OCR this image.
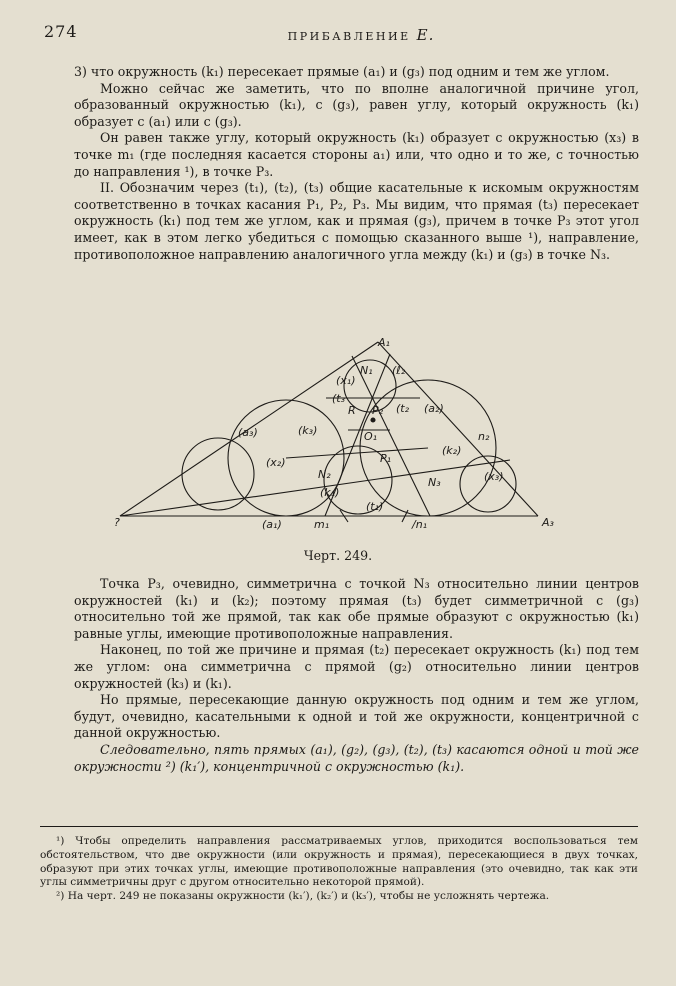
274	ПРИБАВЛЕНИЕ E.

3) что окружность (k₁) пересекает прямые (a₁) и (g₃) под одним и тем же углом.

Можно сейчас же заметить, что по вполне аналогичной причине угол, образованный окружностью (k₁), с (g₃), равен углу, который окружность (k₁) образует с (a₁) или с (g₃).

Он равен также углу, который окружность (k₁) образует с окружностью (x₃) в точке m₁ (где последняя касается стороны a₁) или, что одно и то же, с точностью до направления ¹), в точке P₃.

II. Обозначим через (t₁), (t₂), (t₃) общие касательные к искомым окружностям соответственно в точках касания P₁, P₂, P₃. Мы видим, что прямая (t₃) пересекает окружность (k₁) под тем же углом, как и прямая (g₃), причем в точке P₃ этот угол имеет, как в этом легко убедиться с помощью сказанного выше ¹), направление, противоположное направлению аналогичного угла между (k₁) и (g₃) в точке N₃.

A₁
A₃
?
(ℓ₂
(x₁)
N₁
(t₃
R P₂ (t₂ (a₂)
(a₃)	(k₃)	O₁	n₂
(k₂)
(x₂)	P₁
N₂
(k₁)
N₃	(x₃)
(t₁)
(a₁)	m₁	/n₁
Черт. 249.

Точка P₃, очевидно, симметрична с точкой N₃ относительно линии центров окружностей (k₁) и (k₂); поэтому прямая (t₃) будет симметричной с (g₃) относительно той же прямой, так как обе прямые образуют с окружностью (k₁) равные углы, имеющие противоположные направления.

Наконец, по той же причине и прямая (t₂) пересекает окружность (k₁) под тем же углом: она симметрична с прямой (g₂) относительно линии центров окружностей (k₃) и (k₁).

Но прямые, пересекающие данную окружность под одним и тем же углом, будут, очевидно, касательными к одной и той же окружности, концентричной с данной окружностью.

Следовательно, пять прямых (a₁), (g₂), (g₃), (t₂), (t₃) касаются одной и той же окружности ²) (k₁′), концентричной с окружностью (k₁).

¹) Чтобы определить направления рассматриваемых углов, приходится воспользоваться тем обстоятельством, что две окружности (или окружность и прямая), пересекающиеся в двух точках, образуют при этих точках углы, имеющие противоположные направления (это очевидно, так как эти углы симметричны друг с другом относительно некоторой прямой).

²) На черт. 249 не показаны окружности (k₁′), (k₂′) и (k₃′), чтобы не усложнять чертежа.
